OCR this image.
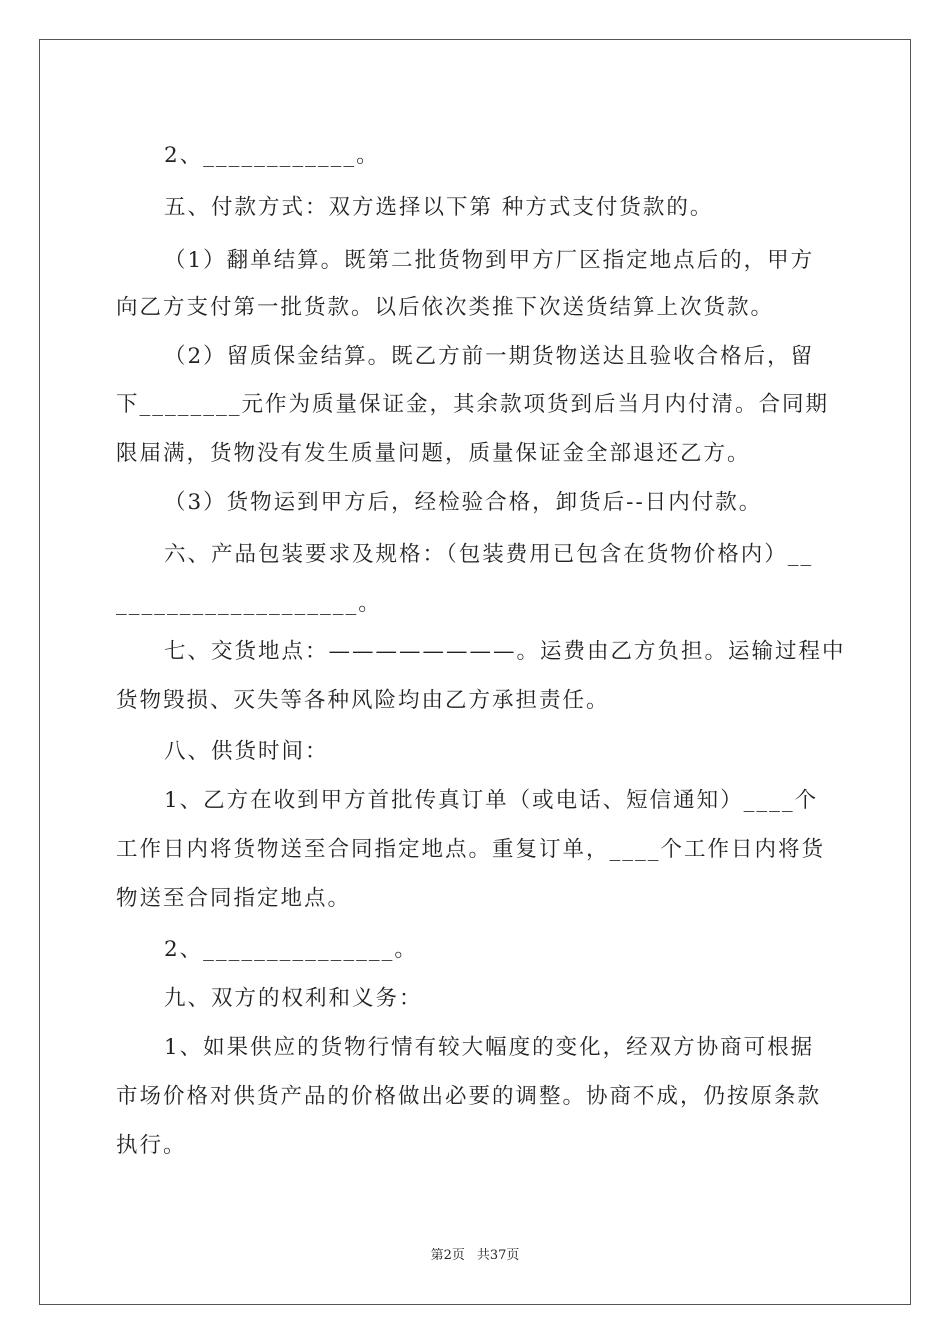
2、____________。
五、付款方式：双方选择以下第 种方式支付货款的。
（1）翻单结算。既第二批货物到甲方厂区指定地点后的，甲方
向乙方支付第一批货款。以后依次类推下次送货结算上次货款。
（2）留质保金结算。既乙方前一期货物送达且验收合格后，留
下________元作为质量保证金，其余款项货到后当月内付清。合同期
限届满，货物没有发生质量问题，质量保证金全部退还乙方。
（3）货物运到甲方后，经检验合格，卸货后--日内付款。
六、产品包装要求及规格：（包装费用已包含在货物价格内）__
___________________。
七、交货地点：————————。运费由乙方负担。运输过程中
货物毁损、灭失等各种风险均由乙方承担责任。
八、供货时间：
1、乙方在收到甲方首批传真订单（或电话、短信通知）____个
工作日内将货物送至合同指定地点。重复订单，____个工作日内将货
物送至合同指定地点。
2、_______________。
九、双方的权利和义务：
1、如果供应的货物行情有较大幅度的变化，经双方协商可根据
市场价格对供货产品的价格做出必要的调整。协商不成，仍按原条款
执行。
第2页 共37页
